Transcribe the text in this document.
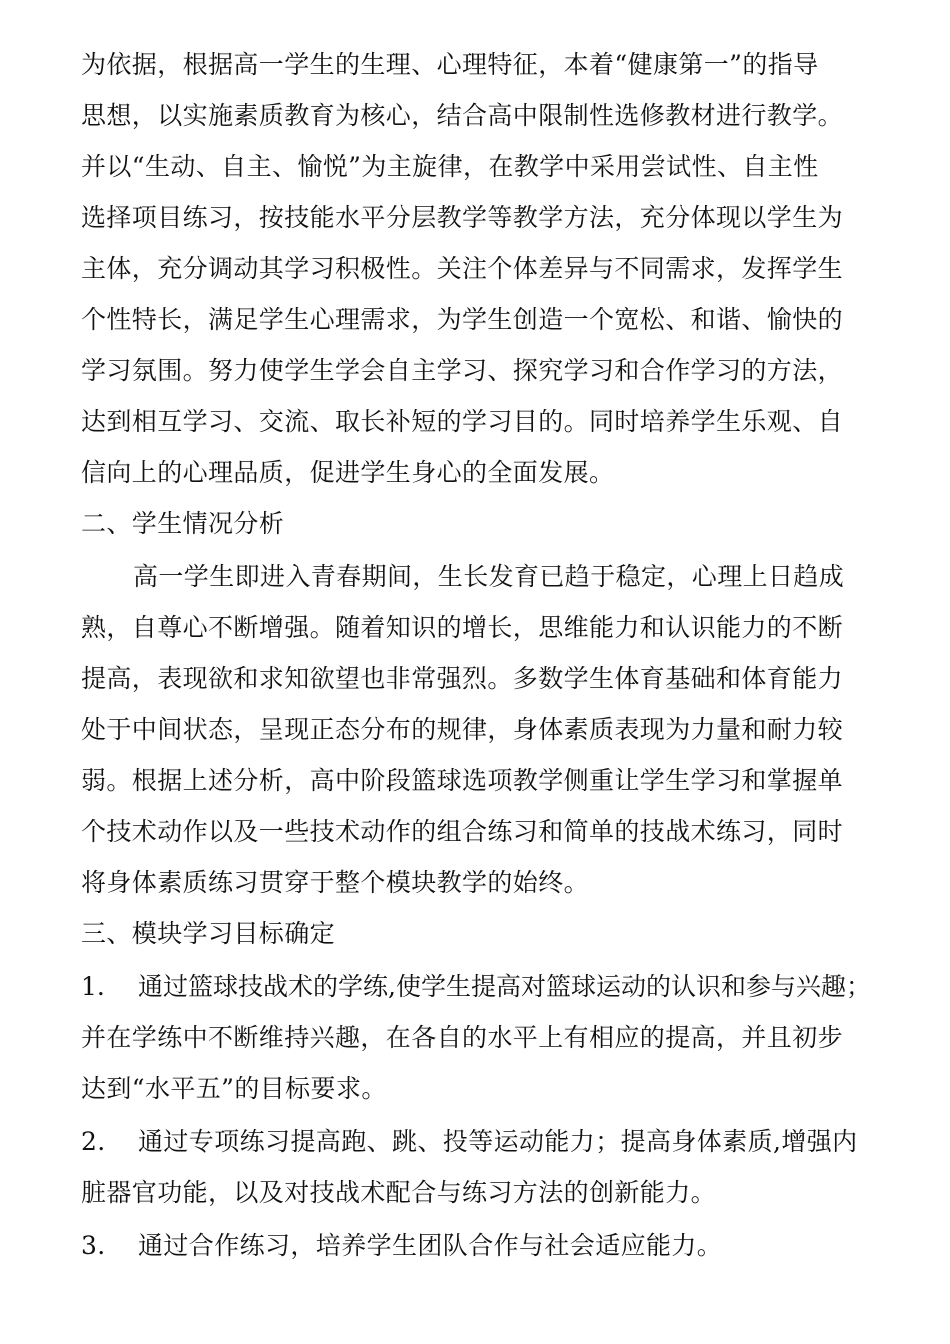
为依据，根据高一学生的生理、心理特征，本着“健康第一”的指导
思想，以实施素质教育为核心，结合高中限制性选修教材进行教学。
并以“生动、自主、愉悦”为主旋律，在教学中采用尝试性、自主性
选择项目练习，按技能水平分层教学等教学方法，充分体现以学生为
主体，充分调动其学习积极性。关注个体差异与不同需求，发挥学生
个性特长，满足学生心理需求，为学生创造一个宽松、和谐、愉快的
学习氛围。努力使学生学会自主学习、探究学习和合作学习的方法，
达到相互学习、交流、取长补短的学习目的。同时培养学生乐观、自
信向上的心理品质，促进学生身心的全面发展。
二、学生情况分析
高一学生即进入青春期间，生长发育已趋于稳定，心理上日趋成
熟，自尊心不断增强。随着知识的增长，思维能力和认识能力的不断
提高，表现欲和求知欲望也非常强烈。多数学生体育基础和体育能力
处于中间状态，呈现正态分布的规律，身体素质表现为力量和耐力较
弱。根据上述分析，高中阶段篮球选项教学侧重让学生学习和掌握单
个技术动作以及一些技术动作的组合练习和简单的技战术练习，同时
将身体素质练习贯穿于整个模块教学的始终。
三、模块学习目标确定
1. 通过篮球技战术的学练,使学生提高对篮球运动的认识和参与兴趣；
并在学练中不断维持兴趣，在各自的水平上有相应的提高，并且初步
达到“水平五”的目标要求。
2. 通过专项练习提高跑、跳、投等运动能力；提高身体素质,增强内
脏器官功能，以及对技战术配合与练习方法的创新能力。
3. 通过合作练习，培养学生团队合作与社会适应能力。
